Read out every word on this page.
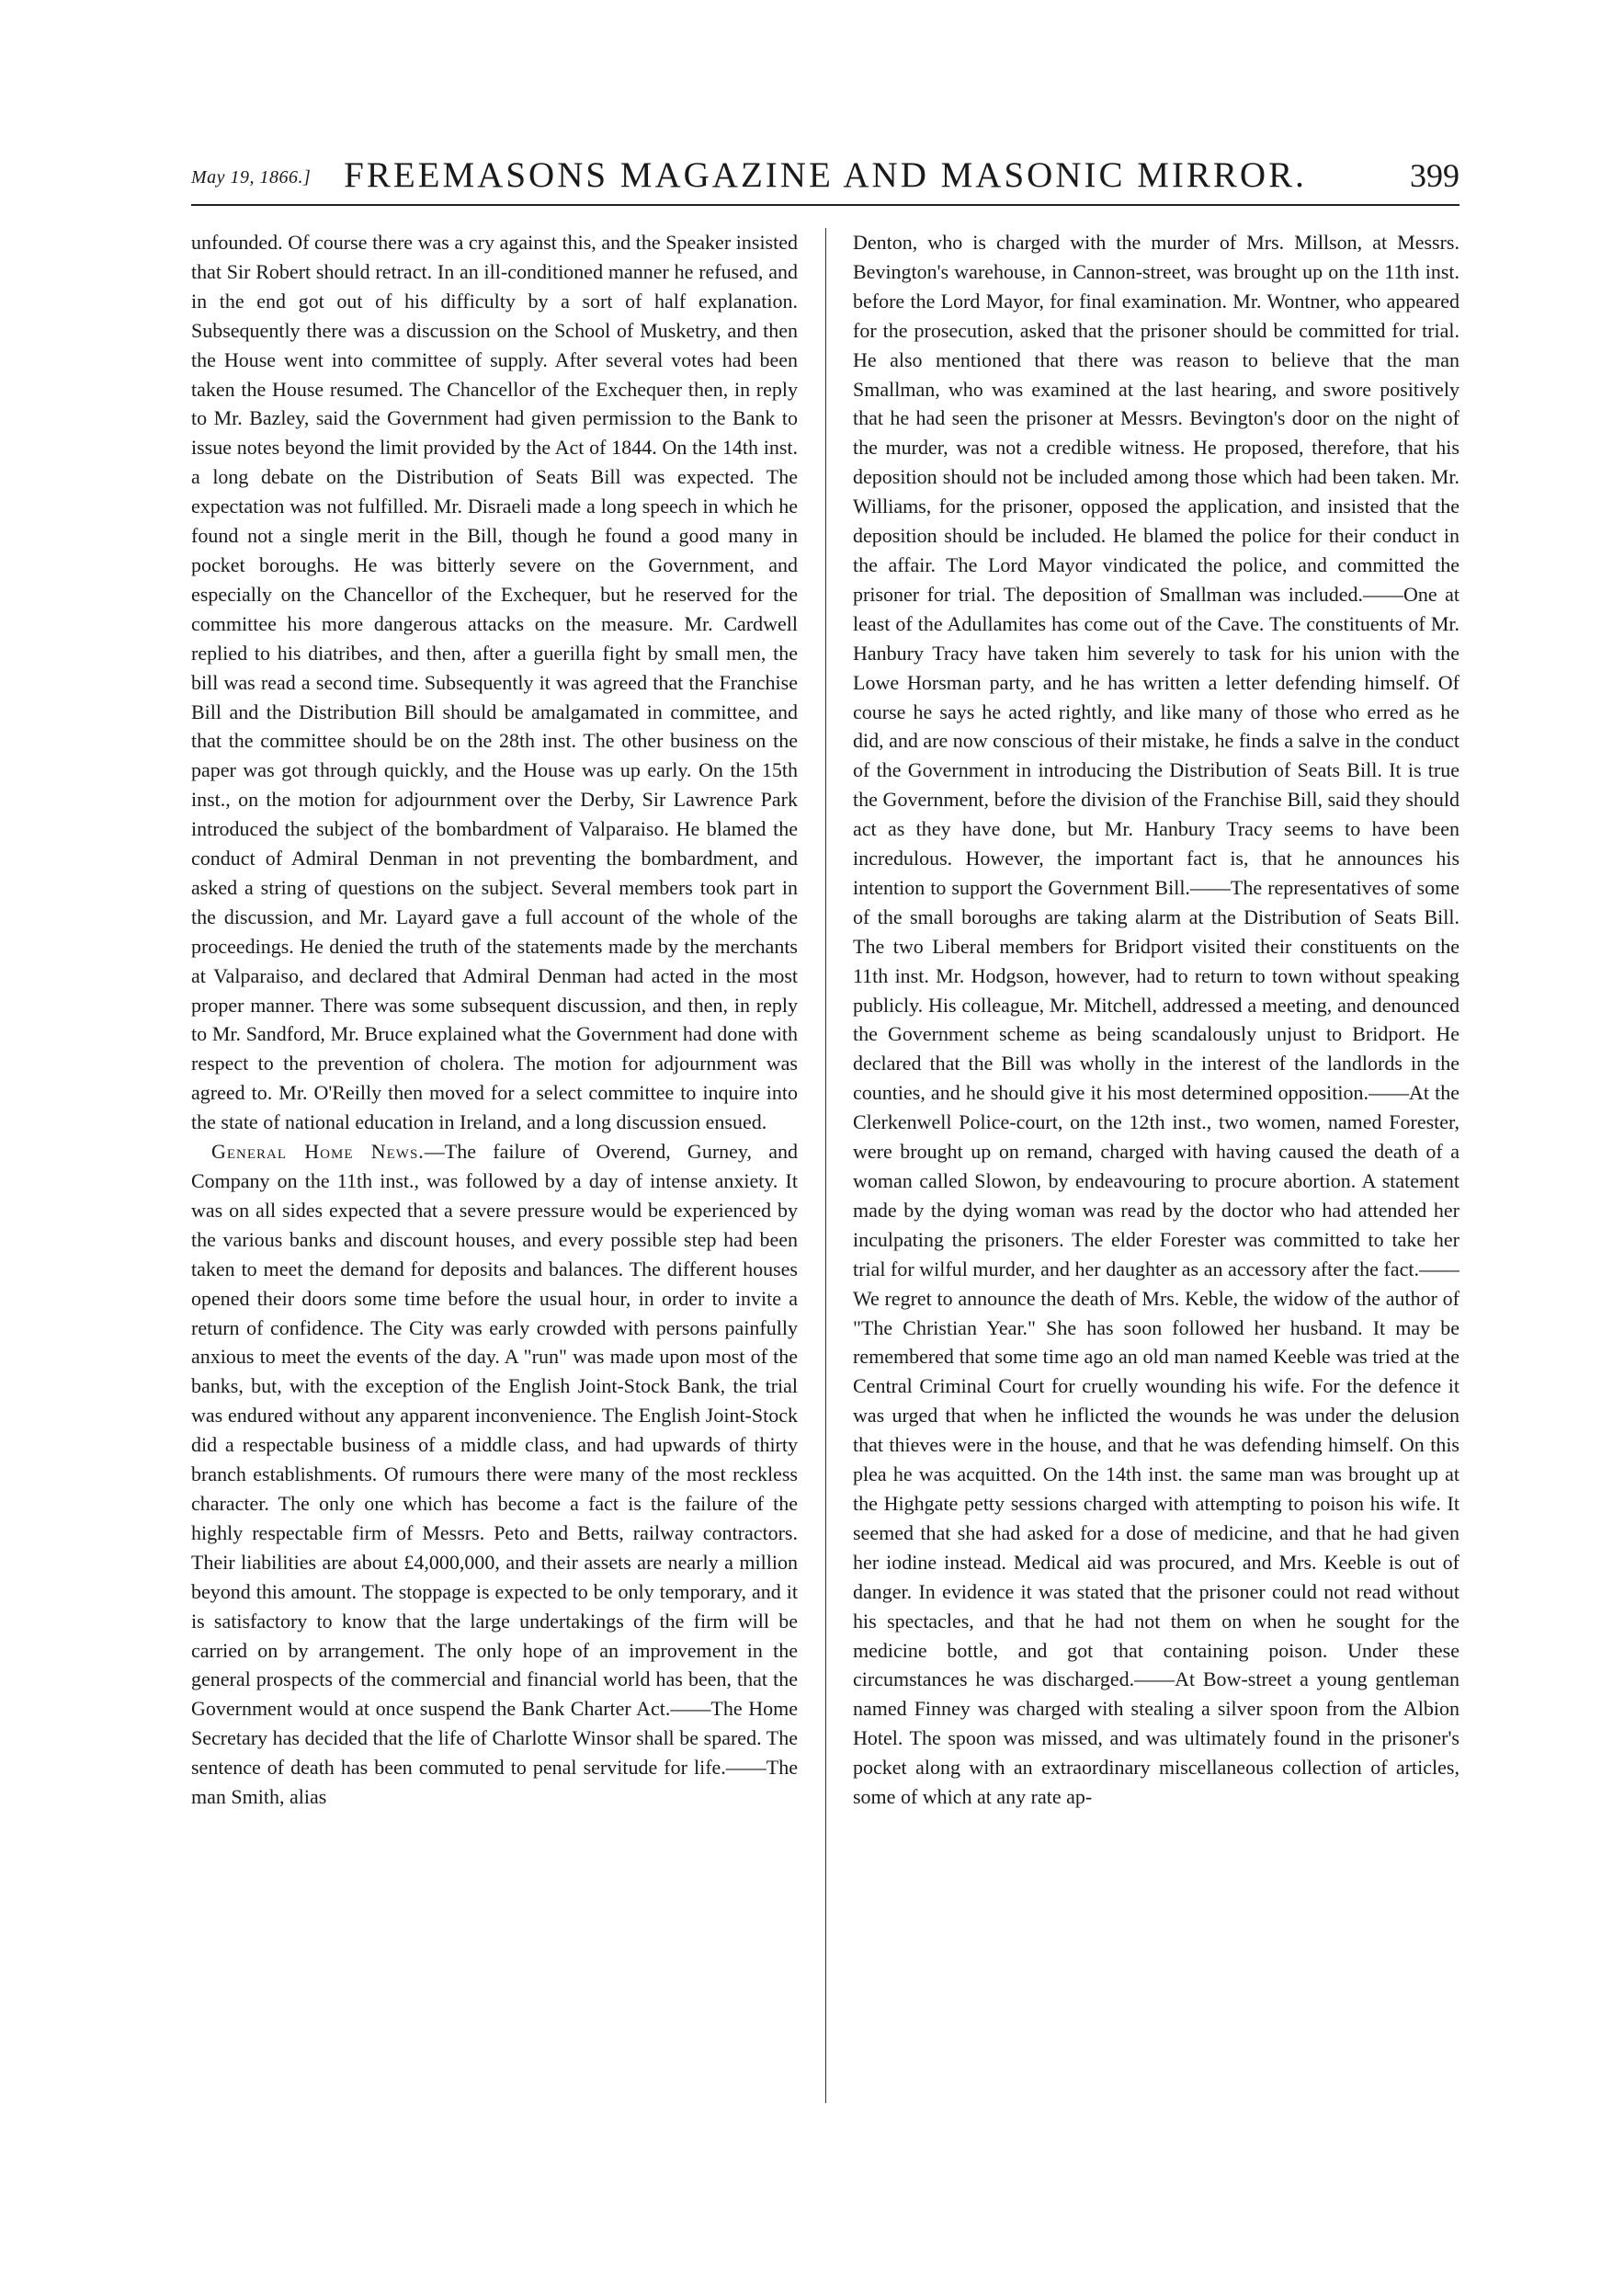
May 19, 1866.] FREEMASONS MAGAZINE AND MASONIC MIRROR.	399

unfounded. Of course there was a cry against this, and the Speaker insisted that Sir Robert should retract. In an ill-conditioned manner he refused, and in the end got out of his difficulty by a sort of half explanation. Subsequently there was a discussion on the School of Musketry, and then the House went into committee of supply. After several votes had been taken the House resumed. The Chancellor of the Exchequer then, in reply to Mr. Bazley, said the Government had given permission to the Bank to issue notes beyond the limit provided by the Act of 1844. On the 14th inst. a long debate on the Distribution of Seats Bill was expected. The expectation was not fulfilled. Mr. Disraeli made a long speech in which he found not a single merit in the Bill, though he found a good many in pocket boroughs. He was bitterly severe on the Government, and especially on the Chancellor of the Exchequer, but he reserved for the committee his more dangerous attacks on the measure. Mr. Cardwell replied to his diatribes, and then, after a guerilla fight by small men, the bill was read a second time. Subsequently it was agreed that the Franchise Bill and the Distribution Bill should be amalgamated in committee, and that the committee should be on the 28th inst. The other business on the paper was got through quickly, and the House was up early. On the 15th inst., on the motion for adjournment over the Derby, Sir Lawrence Park introduced the subject of the bombardment of Valparaiso. He blamed the conduct of Admiral Denman in not preventing the bombardment, and asked a string of questions on the subject. Several members took part in the discussion, and Mr. Layard gave a full account of the whole of the proceedings. He denied the truth of the statements made by the merchants at Valparaiso, and declared that Admiral Denman had acted in the most proper manner. There was some subsequent discussion, and then, in reply to Mr. Sandford, Mr. Bruce explained what the Government had done with respect to the prevention of cholera. The motion for adjournment was agreed to. Mr. O'Reilly then moved for a select committee to inquire into the state of national education in Ireland, and a long discussion ensued.

General Home News.—The failure of Overend, Gurney, and Company on the 11th inst., was followed by a day of intense anxiety. It was on all sides expected that a severe pressure would be experienced by the various banks and discount houses, and every possible step had been taken to meet the demand for deposits and balances. The different houses opened their doors some time before the usual hour, in order to invite a return of confidence. The City was early crowded with persons painfully anxious to meet the events of the day. A "run" was made upon most of the banks, but, with the exception of the English Joint-Stock Bank, the trial was endured without any apparent inconvenience. The English Joint-Stock did a respectable business of a middle class, and had upwards of thirty branch establishments. Of rumours there were many of the most reckless character. The only one which has become a fact is the failure of the highly respectable firm of Messrs. Peto and Betts, railway contractors. Their liabilities are about £4,000,000, and their assets are nearly a million beyond this amount. The stoppage is expected to be only temporary, and it is satisfactory to know that the large undertakings of the firm will be carried on by arrangement. The only hope of an improvement in the general prospects of the commercial and financial world has been, that the Government would at once suspend the Bank Charter Act.——The Home Secretary has decided that the life of Charlotte Winsor shall be spared. The sentence of death has been commuted to penal servitude for life.——The man Smith, alias

Denton, who is charged with the murder of Mrs. Millson, at Messrs. Bevington's warehouse, in Cannon-street, was brought up on the 11th inst. before the Lord Mayor, for final examination. Mr. Wontner, who appeared for the prosecution, asked that the prisoner should be committed for trial. He also mentioned that there was reason to believe that the man Smallman, who was examined at the last hearing, and swore positively that he had seen the prisoner at Messrs. Bevington's door on the night of the murder, was not a credible witness. He proposed, therefore, that his deposition should not be included among those which had been taken. Mr. Williams, for the prisoner, opposed the application, and insisted that the deposition should be included. He blamed the police for their conduct in the affair. The Lord Mayor vindicated the police, and committed the prisoner for trial. The deposition of Smallman was included.——One at least of the Adullamites has come out of the Cave. The constituents of Mr. Hanbury Tracy have taken him severely to task for his union with the Lowe Horsman party, and he has written a letter defending himself. Of course he says he acted rightly, and like many of those who erred as he did, and are now conscious of their mistake, he finds a salve in the conduct of the Government in introducing the Distribution of Seats Bill. It is true the Government, before the division of the Franchise Bill, said they should act as they have done, but Mr. Hanbury Tracy seems to have been incredulous. However, the important fact is, that he announces his intention to support the Government Bill.——The representatives of some of the small boroughs are taking alarm at the Distribution of Seats Bill. The two Liberal members for Bridport visited their constituents on the 11th inst. Mr. Hodgson, however, had to return to town without speaking publicly. His colleague, Mr. Mitchell, addressed a meeting, and denounced the Government scheme as being scandalously unjust to Bridport. He declared that the Bill was wholly in the interest of the landlords in the counties, and he should give it his most determined opposition.——At the Clerkenwell Police-court, on the 12th inst., two women, named Forester, were brought up on remand, charged with having caused the death of a woman called Slowon, by endeavouring to procure abortion. A statement made by the dying woman was read by the doctor who had attended her inculpating the prisoners. The elder Forester was committed to take her trial for wilful murder, and her daughter as an accessory after the fact.——We regret to announce the death of Mrs. Keble, the widow of the author of "The Christian Year." She has soon followed her husband. It may be remembered that some time ago an old man named Keeble was tried at the Central Criminal Court for cruelly wounding his wife. For the defence it was urged that when he inflicted the wounds he was under the delusion that thieves were in the house, and that he was defending himself. On this plea he was acquitted. On the 14th inst. the same man was brought up at the Highgate petty sessions charged with attempting to poison his wife. It seemed that she had asked for a dose of medicine, and that he had given her iodine instead. Medical aid was procured, and Mrs. Keeble is out of danger. In evidence it was stated that the prisoner could not read without his spectacles, and that he had not them on when he sought for the medicine bottle, and got that containing poison. Under these circumstances he was discharged.——At Bow-street a young gentleman named Finney was charged with stealing a silver spoon from the Albion Hotel. The spoon was missed, and was ultimately found in the prisoner's pocket along with an extraordinary miscellaneous collection of articles, some of which at any rate ap-
